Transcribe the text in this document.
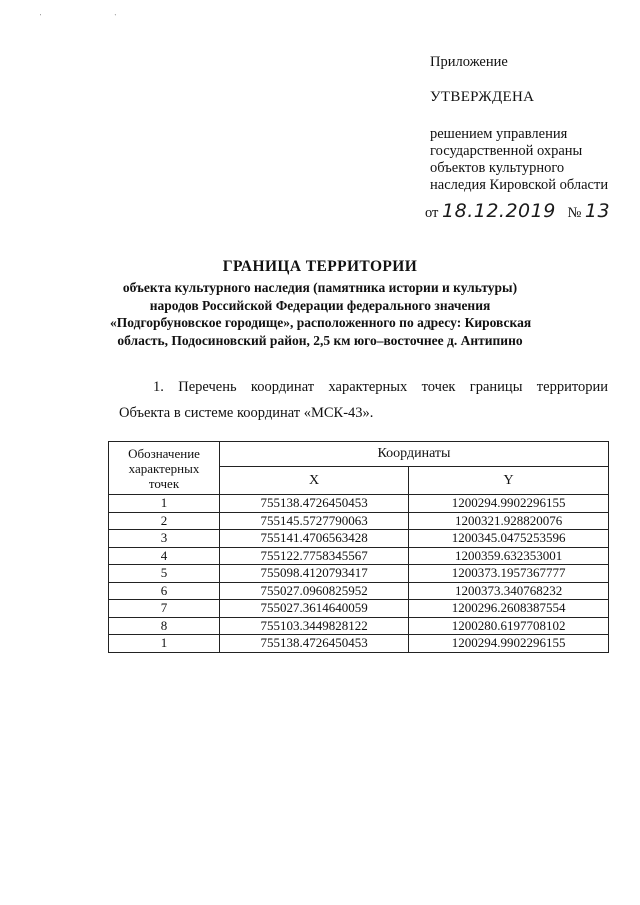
' '
Приложение
УТВЕРЖДЕНА
решением управления
государственной охраны
объектов культурного
наследия Кировской области
от 18.12.2019 № 13
ГРАНИЦА ТЕРРИТОРИИ
объекта культурного наследия (памятника истории и культуры)
народов Российской Федерации федерального значения
«Подгорбуновское городище», расположенного по адресу: Кировская
область, Подосиновский район, 2,5 км юго–восточнее д. Антипино
1. Перечень координат характерных точек границы территории
Объекта в системе координат «МСК-43».
Обозначение характерных точек	Координаты	
	X	Y
1	755138.4726450453	1200294.9902296155
2	755145.5727790063	1200321.928820076
3	755141.4706563428	1200345.0475253596
4	755122.7758345567	1200359.632353001
5	755098.4120793417	1200373.1957367777
6	755027.0960825952	1200373.340768232
7	755027.3614640059	1200296.2608387554
8	755103.3449828122	1200280.6197708102
1	755138.4726450453	1200294.9902296155
